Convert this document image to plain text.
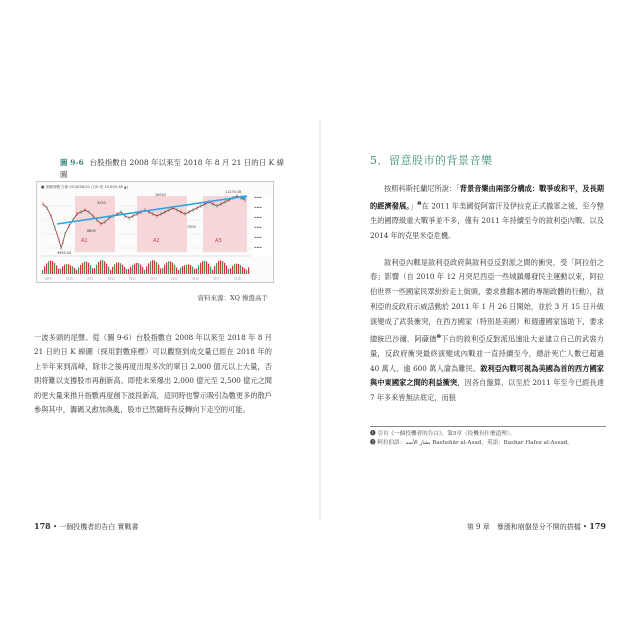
圖 9-6 台股指數自 2008 年以來至 2018 年 8 月 21 日的日 K 線圖
■ 加權指數 日線 2018/08/21 (日K 收 10,849.38 ▲)
11270.18
10014
9220
6609
7203
3955.43
A1	A2	A3
▬▬▬
▬▬▬
▬▬▬
▬▬▬
▬▬▬
▬▬▬
2009	2010	2011	2012	2013	2014	2015	2016	2017	2018
資料來源：XQ 操盤高手
一波多頭的尾聲。從（圖 9-6）台股指數自 2008 年以來至 2018 年 8 月 21 日的日 K 線圖（採用對數座標）可以觀察到成交量已經在 2018 年的上半年來到高峰，除非之後再度出現多次的單日 2,000 億元以上大量，否則将難以支撐股市再創新高。即使未來爆出 2,000 億元至 2,500 億元之間的更大量來推升指數再度創下波段新高，這同時也警示吸引為數更多的散戶參與其中，籌碼又愈加渙亂，股市已然隨時有反轉向下走空的可能。
178 • 一個投機者的告白 實戰書
5．留意股市的背景音樂

按照科斯托蘭尼所說：「背景音樂由兩部分構成：戰爭或和平，及長期的經濟發展。」$^❶$在 2011 年美國從阿富汗及伊拉克正式撤軍之後，至今整生的國際級重大戰爭並不多，僅有 2011 年持續至今的敘利亞內戰、以及 2014 年的克里米亞危機。

敘利亞內戰是敘利亞政府與敘利亞反對派之間的衝突，受「阿拉伯之春」影響（自 2010 年 12 月突尼西亞一些城鎮爆發民主運動以來，阿拉伯世界一些國家民眾紛紛走上街頭，要求推翻本國的專制政體的行動），敘利亞的反政府示威活動於 2011 年 1 月 26 日開始，並於 3 月 15 日升級演變成了武裝衝突，在西方國家（特別是美國）和週邊國家協助下，要求總統巴沙爾．阿薩德$^❷$下台的敘利亞反對派迅速壯大並建立自己的武裝力量，反政府衝突最終演變成內戰並一直持續至今，總計死亡人數已超過 40 萬人、逾 600 萬人淪為難民。敘利亞內戰可視為美國為首的西方國家與中東國家之間的利益衝突，因各自盤算，以至於 2011 年至今已經長達 7 年多來皆無法底定，而狼

❶ 引自《一個投機者的告白》，第5章〈投機有什麼道理〉。
❷ 阿拉伯語：بشار الأسد Bashshār al-Asad，英語：Bashar Hafez al-Assad。
第 9 章　暴漲和崩盤是分不開的搭檔 • 179
